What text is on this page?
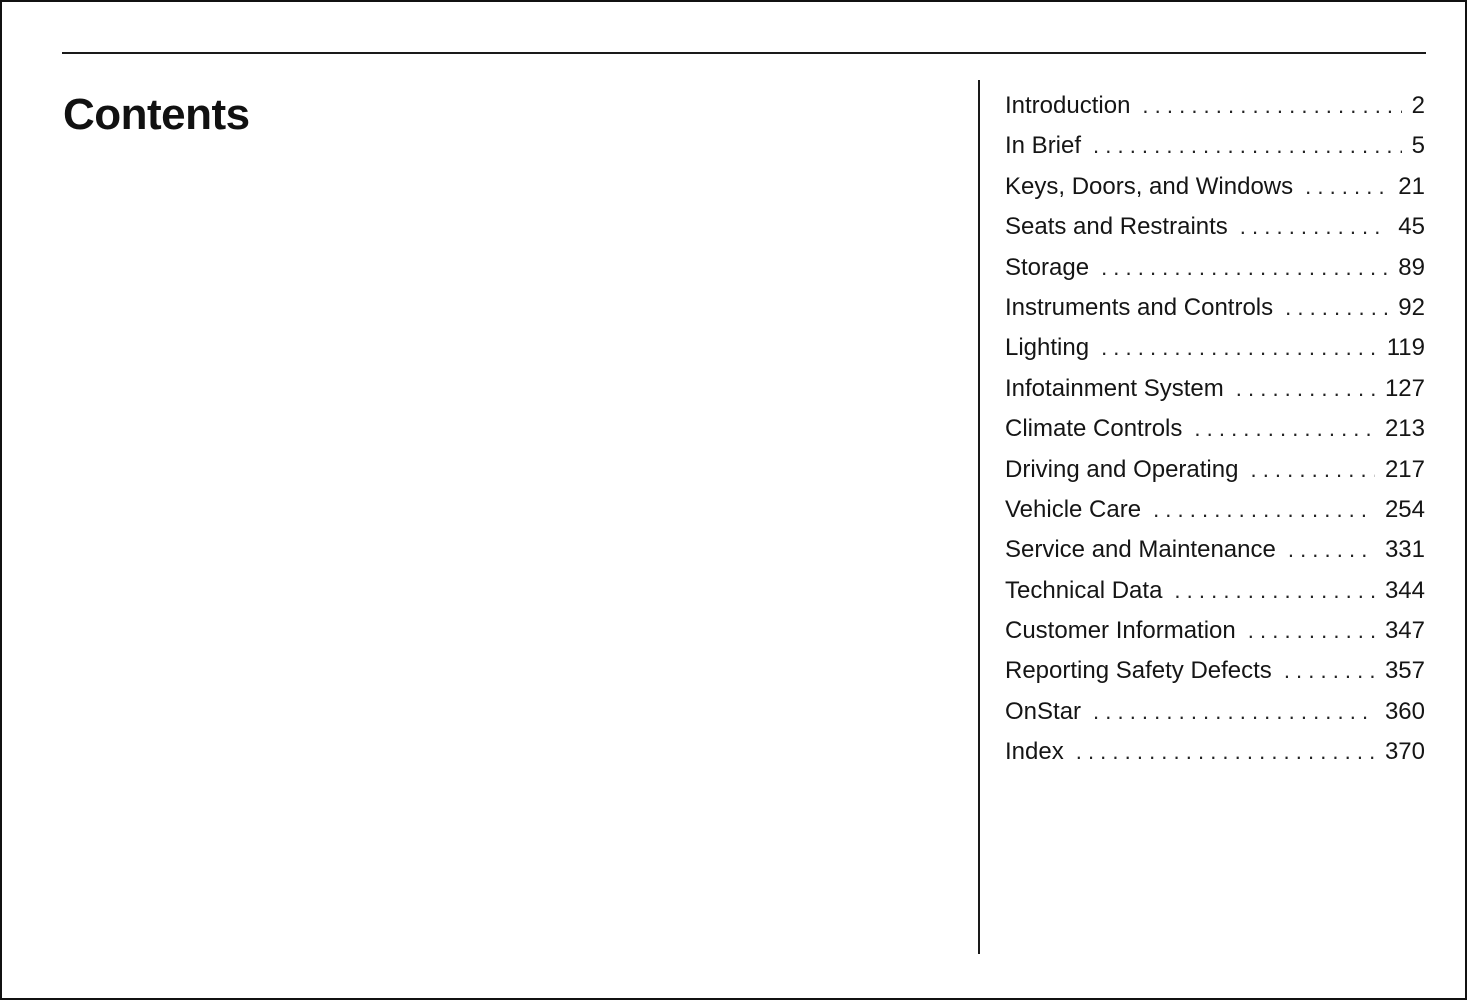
Contents	Introduction . . .	2
In Brief . . .	5
Keys, Doors, and Windows . . .	21
Seats and Restraints . . .	45
Storage . . .	89
Instruments and Controls . . .	92
Lighting . . .	119
Infotainment System . . .	127
Climate Controls . . .	213
Driving and Operating . . .	217
Vehicle Care . . .	254
Service and Maintenance . . .	331
Technical Data . . .	344
Customer Information . . .	347
Reporting Safety Defects . . .	357
OnStar . . .	360
Index . . .	370
